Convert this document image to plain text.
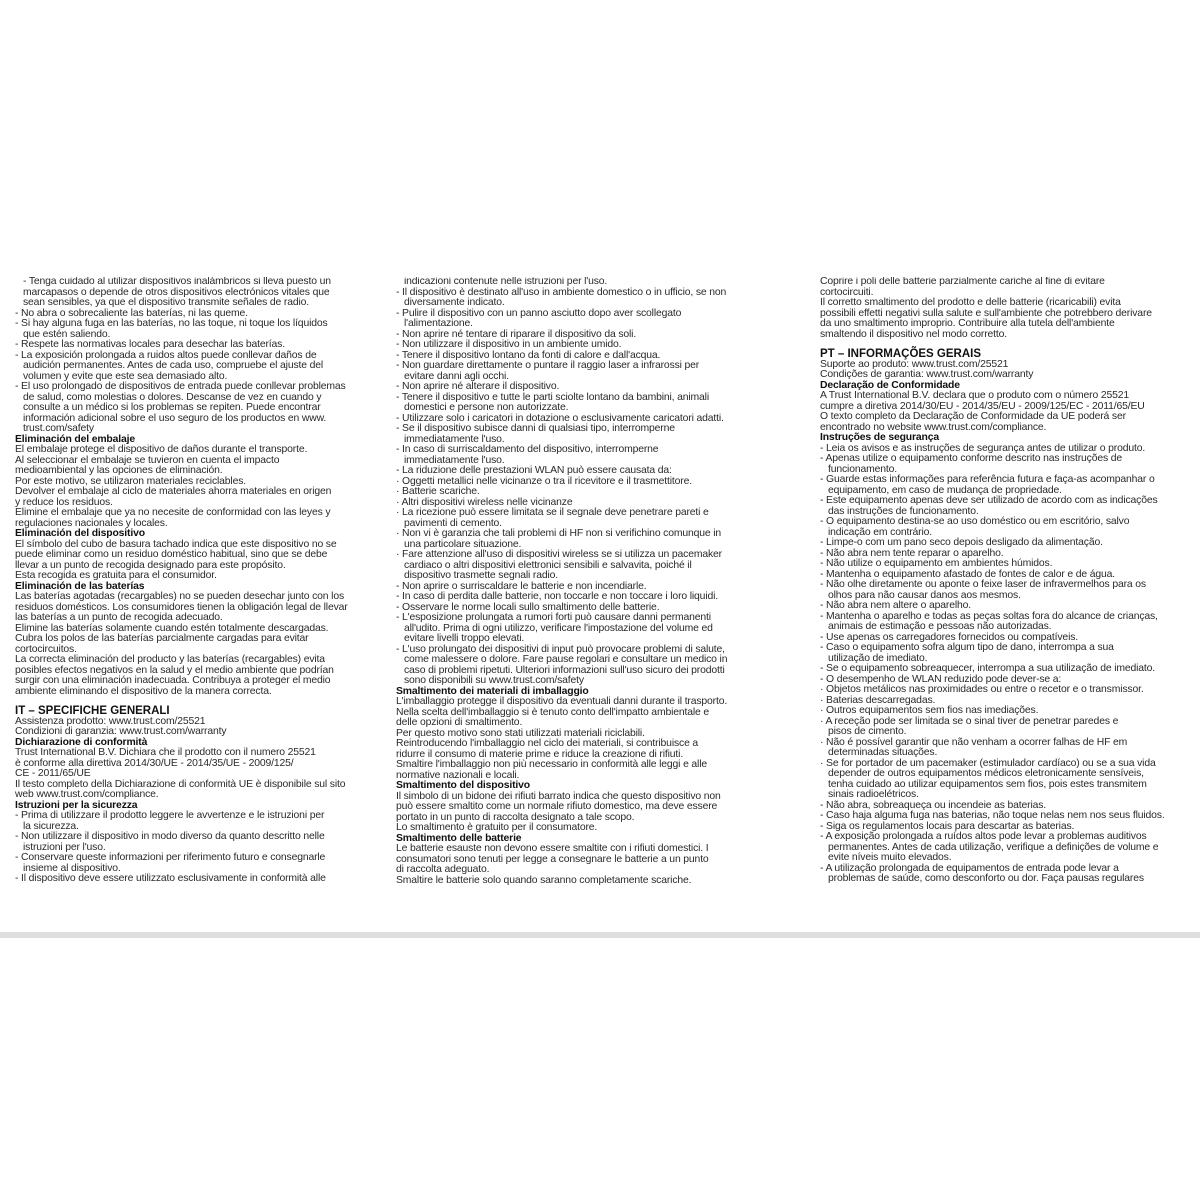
- Tenga cuidado al utilizar dispositivos inalámbricos si lleva puesto un
marcapasos o depende de otros dispositivos electrónicos vitales que
sean sensibles, ya que el dispositivo transmite señales de radio.
- No abra o sobrecaliente las baterías, ni las queme.
- Si hay alguna fuga en las baterías, no las toque, ni toque los líquidos
que estén saliendo.
- Respete las normativas locales para desechar las baterías.
- La exposición prolongada a ruidos altos puede conllevar daños de
audición permanentes. Antes de cada uso, compruebe el ajuste del
volumen y evite que este sea demasiado alto.
- El uso prolongado de dispositivos de entrada puede conllevar problemas
de salud, como molestias o dolores. Descanse de vez en cuando y
consulte a un médico si los problemas se repiten. Puede encontrar
información adicional sobre el uso seguro de los productos en www.
trust.com/safety
Eliminación del embalaje
El embalaje protege el dispositivo de daños durante el transporte.
Al seleccionar el embalaje se tuvieron en cuenta el impacto
medioambiental y las opciones de eliminación.
Por este motivo, se utilizaron materiales reciclables.
Devolver el embalaje al ciclo de materiales ahorra materiales en origen
y reduce los residuos.
Elimine el embalaje que ya no necesite de conformidad con las leyes y
regulaciones nacionales y locales.
Eliminación del dispositivo
El símbolo del cubo de basura tachado indica que este dispositivo no se
puede eliminar como un residuo doméstico habitual, sino que se debe
llevar a un punto de recogida designado para este propósito.
Esta recogida es gratuita para el consumidor.
Eliminación de las baterías
Las baterías agotadas (recargables) no se pueden desechar junto con los
residuos domésticos. Los consumidores tienen la obligación legal de llevar
las baterías a un punto de recogida adecuado.
Elimine las baterías solamente cuando estén totalmente descargadas.
Cubra los polos de las baterías parcialmente cargadas para evitar
cortocircuitos.
La correcta eliminación del producto y las baterías (recargables) evita
posibles efectos negativos en la salud y el medio ambiente que podrían
surgir con una eliminación inadecuada. Contribuya a proteger el medio
ambiente eliminando el dispositivo de la manera correcta.
IT – SPECIFICHE GENERALI
Assistenza prodotto: www.trust.com/25521
Condizioni di garanzia: www.trust.com/warranty
Dichiarazione di conformità
Trust International B.V. Dichiara che il prodotto con il numero 25521
è conforme alla direttiva 2014/30/UE - 2014/35/UE - 2009/125/
CE - 2011/65/UE
Il testo completo della Dichiarazione di conformità UE è disponibile sul sito
web www.trust.com/compliance.
Istruzioni per la sicurezza
- Prima di utilizzare il prodotto leggere le avvertenze e le istruzioni per
la sicurezza.
- Non utilizzare il dispositivo in modo diverso da quanto descritto nelle
istruzioni per l'uso.
- Conservare queste informazioni per riferimento futuro e consegnarle
insieme al dispositivo.
- Il dispositivo deve essere utilizzato esclusivamente in conformità alle
indicazioni contenute nelle istruzioni per l'uso.
- Il dispositivo è destinato all'uso in ambiente domestico o in ufficio, se non
diversamente indicato.
- Pulire il dispositivo con un panno asciutto dopo aver scollegato
l'alimentazione.
- Non aprire né tentare di riparare il dispositivo da soli.
- Non utilizzare il dispositivo in un ambiente umido.
- Tenere il dispositivo lontano da fonti di calore e dall'acqua.
- Non guardare direttamente o puntare il raggio laser a infrarossi per
evitare danni agli occhi.
- Non aprire né alterare il dispositivo.
- Tenere il dispositivo e tutte le parti sciolte lontano da bambini, animali
domestici e persone non autorizzate.
- Utilizzare solo i caricatori in dotazione o esclusivamente caricatori adatti.
- Se il dispositivo subisce danni di qualsiasi tipo, interromperne
immediatamente l'uso.
- In caso di surriscaldamento del dispositivo, interromperne
immediatamente l'uso.
- La riduzione delle prestazioni WLAN può essere causata da:
· Oggetti metallici nelle vicinanze o tra il ricevitore e il trasmettitore.
· Batterie scariche.
· Altri dispositivi wireless nelle vicinanze
· La ricezione può essere limitata se il segnale deve penetrare pareti e
pavimenti di cemento.
· Non vi è garanzia che tali problemi di HF non si verifichino comunque in
una particolare situazione.
· Fare attenzione all'uso di dispositivi wireless se si utilizza un pacemaker
cardiaco o altri dispositivi elettronici sensibili e salvavita, poiché il
dispositivo trasmette segnali radio.
- Non aprire o surriscaldare le batterie e non incendiarle.
- In caso di perdita dalle batterie, non toccarle e non toccare i loro liquidi.
- Osservare le norme locali sullo smaltimento delle batterie.
- L'esposizione prolungata a rumori forti può causare danni permanenti
all'udito. Prima di ogni utilizzo, verificare l'impostazione del volume ed
evitare livelli troppo elevati.
- L'uso prolungato dei dispositivi di input può provocare problemi di salute,
come malessere o dolore. Fare pause regolari e consultare un medico in
caso di problemi ripetuti. Ulteriori informazioni sull'uso sicuro dei prodotti
sono disponibili su www.trust.com/safety
Smaltimento dei materiali di imballaggio
L'imballaggio protegge il dispositivo da eventuali danni durante il trasporto.
Nella scelta dell'imballaggio si è tenuto conto dell'impatto ambientale e
delle opzioni di smaltimento.
Per questo motivo sono stati utilizzati materiali riciclabili.
Reintroducendo l'imballaggio nel ciclo dei materiali, si contribuisce a
ridurre il consumo di materie prime e riduce la creazione di rifiuti.
Smaltire l'imballaggio non più necessario in conformità alle leggi e alle
normative nazionali e locali.
Smaltimento del dispositivo
Il simbolo di un bidone dei rifiuti barrato indica che questo dispositivo non
può essere smaltito come un normale rifiuto domestico, ma deve essere
portato in un punto di raccolta designato a tale scopo.
Lo smaltimento è gratuito per il consumatore.
Smaltimento delle batterie
Le batterie esauste non devono essere smaltite con i rifiuti domestici. I
consumatori sono tenuti per legge a consegnare le batterie a un punto
di raccolta adeguato.
Smaltire le batterie solo quando saranno completamente scariche.
Coprire i poli delle batterie parzialmente cariche al fine di evitare
cortocircuiti.
Il corretto smaltimento del prodotto e delle batterie (ricaricabili) evita
possibili effetti negativi sulla salute e sull'ambiente che potrebbero derivare
da uno smaltimento improprio. Contribuire alla tutela dell'ambiente
smaltendo il dispositivo nel modo corretto.
PT – INFORMAÇÕES GERAIS
Suporte ao produto: www.trust.com/25521
Condições de garantia: www.trust.com/warranty
Declaração de Conformidade
A Trust International B.V. declara que o produto com o número 25521
cumpre a diretiva 2014/30/EU - 2014/35/EU - 2009/125/EC - 2011/65/EU
O texto completo da Declaração de Conformidade da UE poderá ser
encontrado no website www.trust.com/compliance.
Instruções de segurança
- Leia os avisos e as instruções de segurança antes de utilizar o produto.
- Apenas utilize o equipamento conforme descrito nas instruções de
funcionamento.
- Guarde estas informações para referência futura e faça-as acompanhar o
equipamento, em caso de mudança de propriedade.
- Este equipamento apenas deve ser utilizado de acordo com as indicações
das instruções de funcionamento.
- O equipamento destina-se ao uso doméstico ou em escritório, salvo
indicação em contrário.
- Limpe-o com um pano seco depois desligado da alimentação.
- Não abra nem tente reparar o aparelho.
- Não utilize o equipamento em ambientes húmidos.
- Mantenha o equipamento afastado de fontes de calor e de água.
- Não olhe diretamente ou aponte o feixe laser de infravermelhos para os
olhos para não causar danos aos mesmos.
- Não abra nem altere o aparelho.
- Mantenha o aparelho e todas as peças soltas fora do alcance de crianças,
animais de estimação e pessoas não autorizadas.
- Use apenas os carregadores fornecidos ou compatíveis.
- Caso o equipamento sofra algum tipo de dano, interrompa a sua
utilização de imediato.
- Se o equipamento sobreaquecer, interrompa a sua utilização de imediato.
- O desempenho de WLAN reduzido pode dever-se a:
· Objetos metálicos nas proximidades ou entre o recetor e o transmissor.
· Baterias descarregadas.
· Outros equipamentos sem fios nas imediações.
· A receção pode ser limitada se o sinal tiver de penetrar paredes e
pisos de cimento.
· Não é possível garantir que não venham a ocorrer falhas de HF em
determinadas situações.
· Se for portador de um pacemaker (estimulador cardíaco) ou se a sua vida
depender de outros equipamentos médicos eletronicamente sensíveis,
tenha cuidado ao utilizar equipamentos sem fios, pois estes transmitem
sinais radioelétricos.
- Não abra, sobreaqueça ou incendeie as baterias.
- Caso haja alguma fuga nas baterias, não toque nelas nem nos seus fluidos.
- Siga os regulamentos locais para descartar as baterias.
- A exposição prolongada a ruídos altos pode levar a problemas auditivos
permanentes. Antes de cada utilização, verifique a definições de volume e
evite níveis muito elevados.
- A utilização prolongada de equipamentos de entrada pode levar a
problemas de saúde, como desconforto ou dor. Faça pausas regulares
